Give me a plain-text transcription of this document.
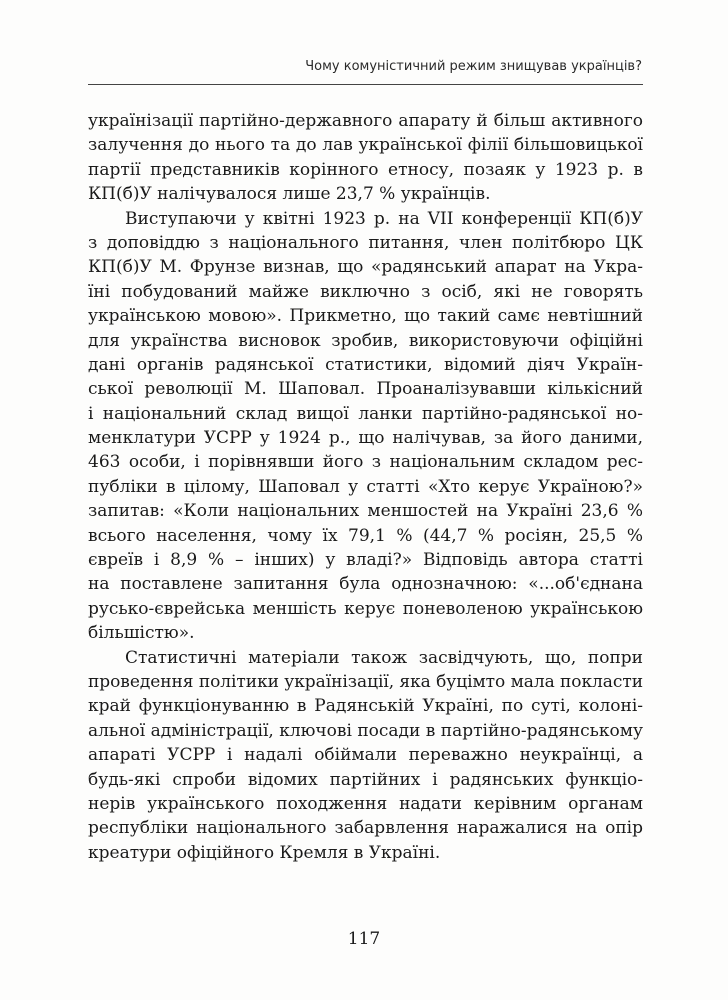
Чому комуністичний режим знищував українців?

українізації партійно-державного апарату й більш активного
залучення до нього та до лав української філії більшовицької
партії представників корінного етносу, позаяк у 1923 р. в
КП(б)У налічувалося лише 23,7 % українців.

Виступаючи у квітні 1923 р. на VII конференції КП(б)У
з доповіддю з національного питання, член політбюро ЦК
КП(б)У М. Фрунзе визнав, що «радянський апарат на Укра-
їні побудований майже виключно з осіб, які не говорять
українською мовою». Прикметно, що такий самє невтішний
для українства висновок зробив, використовуючи офіційні
дані органів радянської статистики, відомий діяч Україн-
ської революції М. Шаповал. Проаналізувавши кількісний
і національний склад вищої ланки партійно-радянської но-
менклатури УСРР у 1924 р., що налічував, за його даними,
463 особи, і порівнявши його з національним складом рес-
публіки в цілому, Шаповал у статті «Хто керує Україною?»
запитав: «Коли національних меншостей на Україні 23,6 %
всього населення, чому їх 79,1 % (44,7 % росіян, 25,5 %
євреїв і 8,9 % – інших) у владі?» Відповідь автора статті
на поставлене запитання була однозначною: «...об'єднана
русько-єврейська меншість керує поневоленою українською
більшістю».

Статистичні матеріали також засвідчують, що, попри
проведення політики українізації, яка буцімто мала покласти
край функціонуванню в Радянській Україні, по суті, колоні-
альної адміністрації, ключові посади в партійно-радянському
апараті УСРР і надалі обіймали переважно неукраїнці, а
будь-які спроби відомих партійних і радянських функціо-
нерів українського походження надати керівним органам
республіки національного забарвлення наражалися на опір
креатури офіційного Кремля в Україні.

117
